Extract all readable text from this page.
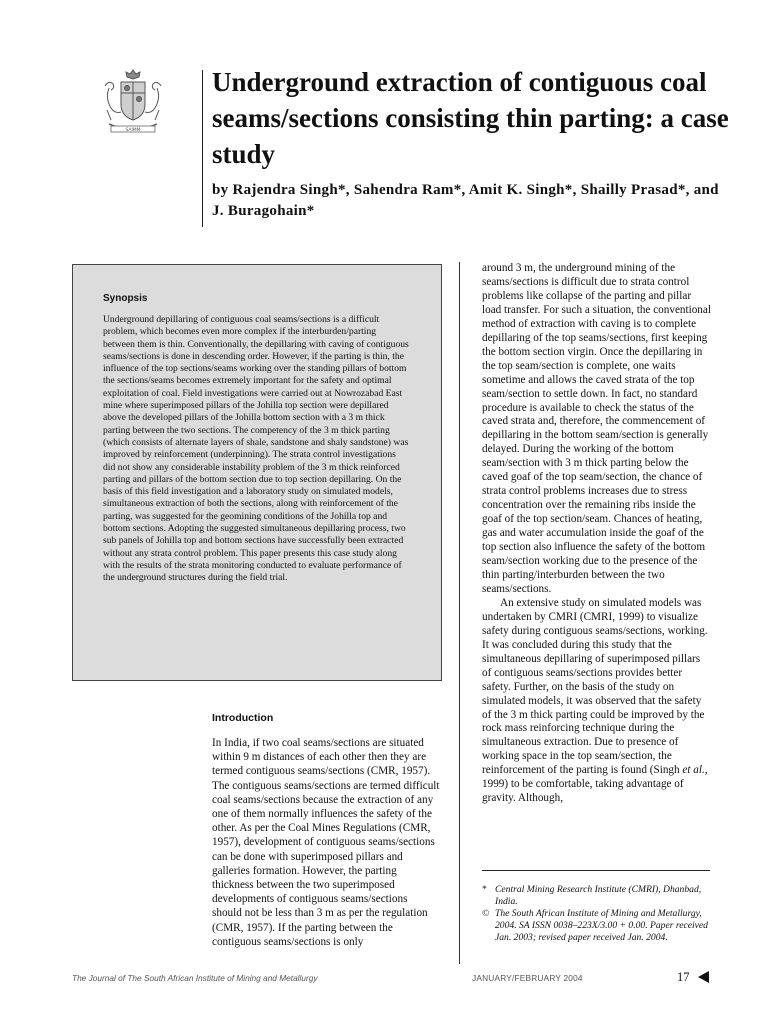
SAIMM
Underground extraction of contiguous coal seams/sections consisting thin parting: a case study
by Rajendra Singh*, Sahendra Ram*, Amit K. Singh*, Shailly Prasad*, and J. Buragohain*
Synopsis
Underground depillaring of contiguous coal seams/sections is a difficult problem, which becomes even more complex if the interburden/parting between them is thin. Conventionally, the depillaring with caving of contiguous seams/sections is done in descending order. However, if the parting is thin, the influence of the top sections/seams working over the standing pillars of bottom the sections/seams becomes extremely important for the safety and optimal exploitation of coal. Field investigations were carried out at Nowrozabad East mine where superimposed pillars of the Johilla top section were depillared above the developed pillars of the Johilla bottom section with a 3 m thick parting between the two sections. The competency of the 3 m thick parting (which consists of alternate layers of shale, sandstone and shaly sandstone) was improved by reinforcement (underpinning). The strata control investigations did not show any considerable instability problem of the 3 m thick reinforced parting and pillars of the bottom section due to top section depillaring. On the basis of this field investigation and a laboratory study on simulated models, simultaneous extraction of both the sections, along with reinforcement of the parting, was suggested for the geomining conditions of the Johilla top and bottom sections. Adopting the suggested simultaneous depillaring process, two sub panels of Johilla top and bottom sections have successfully been extracted without any strata control problem. This paper presents this case study along with the results of the strata monitoring conducted to evaluate performance of the underground structures during the field trial.
Introduction
In India, if two coal seams/sections are situated within 9 m distances of each other then they are termed contiguous seams/sections (CMR, 1957). The contiguous seams/sections are termed difficult coal seams/sections because the extraction of any one of them normally influences the safety of the other. As per the Coal Mines Regulations (CMR, 1957), development of contiguous seams/sections can be done with superimposed pillars and galleries formation. However, the parting thickness between the two superimposed developments of contiguous seams/sections should not be less than 3 m as per the regulation (CMR, 1957). If the parting between the contiguous seams/sections is only

around 3 m, the underground mining of the seams/sections is difficult due to strata control problems like collapse of the parting and pillar load transfer. For such a situation, the conventional method of extraction with caving is to complete depillaring of the top seams/sections, first keeping the bottom section virgin. Once the depillaring in the top seam/section is complete, one waits sometime and allows the caved strata of the top seam/section to settle down. In fact, no standard procedure is available to check the status of the caved strata and, therefore, the commencement of depillaring in the bottom seam/section is generally delayed. During the working of the bottom seam/section with 3 m thick parting below the caved goaf of the top seam/section, the chance of strata control problems increases due to stress concentration over the remaining ribs inside the goaf of the top section/seam. Chances of heating, gas and water accumulation inside the goaf of the top section also influence the safety of the bottom seam/section working due to the presence of the thin parting/interburden between the two seams/sections.

An extensive study on simulated models was undertaken by CMRI (CMRI, 1999) to visualize safety during contiguous seams/sections, working. It was concluded during this study that the simultaneous depillaring of superimposed pillars of contiguous seams/sections provides better safety. Further, on the basis of the study on simulated models, it was observed that the safety of the 3 m thick parting could be improved by the rock mass reinforcing technique during the simultaneous extraction. Due to presence of working space in the top seam/section, the reinforcement of the parting is found (Singh et al., 1999) to be comfortable, taking advantage of gravity. Although,

* Central Mining Research Institute (CMRI), Dhanbad, India.
© The South African Institute of Mining and Metallurgy, 2004. SA ISSN 0038–223X/3.00 + 0.00. Paper received Jan. 2003; revised paper received Jan. 2004.
The Journal of The South African Institute of Mining and Metallurgy	JANUARY/FEBRUARY 2004	17
